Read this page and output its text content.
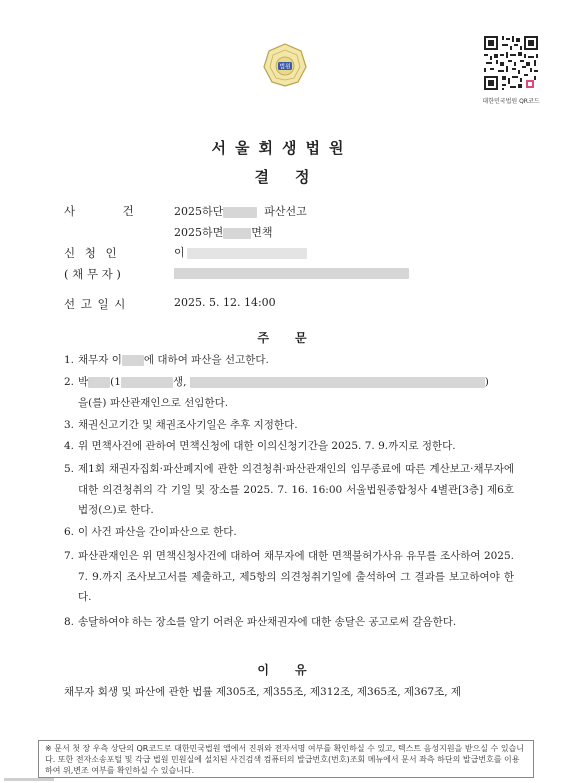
법원
대한민국법원 QR코드
서울회생법원
결정
사          건	2025하단	파산선고
2025하면	면책
신 청 인	이
( 채 무 자 )
선 고 일 시	2025. 5. 12. 14:00
주문
1. 채무자 이 에 대하여 파산을 선고한다.
2. 박 (1	생,	)
을(를) 파산관재인으로 선임한다.
3. 채권신고기간 및 채권조사기일은 추후 지정한다.
4. 위 면책사건에 관하여 면책신청에 대한 이의신청기간을 2025. 7. 9.까지로 정한다.
5. 제1회 채권자집회·파산폐지에 관한 의견청취·파산관재인의 임무종료에 따른 계산보고·채무자에 대한 의견청취의 각 기일 및 장소를 2025. 7. 16. 16:00 서울법원종합청사 4별관[3층] 제6호법정(으)로 한다.
6. 이 사건 파산을 간이파산으로 한다.
7. 파산관재인은 위 면책신청사건에 대하여 채무자에 대한 면책불허가사유 유무를 조사하여 2025. 7. 9.까지 조사보고서를 제출하고, 제5항의 의견청취기일에 출석하여 그 결과를 보고하여야 한다.
8. 송달하여야 하는 장소를 알기 어려운 파산채권자에 대한 송달은 공고로써 갈음한다.
이유
채무자 회생 및 파산에 관한 법률 제305조, 제355조, 제312조, 제365조, 제367조, 제
※ 문서 첫 장 우측 상단의 QR코드로 대한민국법원 앱에서 진위와 전자서명 여부를 확인하실 수 있고, 텍스트 음성지원을 받으실 수 있습니다. 또한 전자소송포털 및 각급 법원 민원실에 설치된 사건검색 컴퓨터의 발급번호(번호)조회 메뉴에서 문서 좌측 하단의 발급번호를 이용하여 위,변조 여부를 확인하실 수 있습니다.
